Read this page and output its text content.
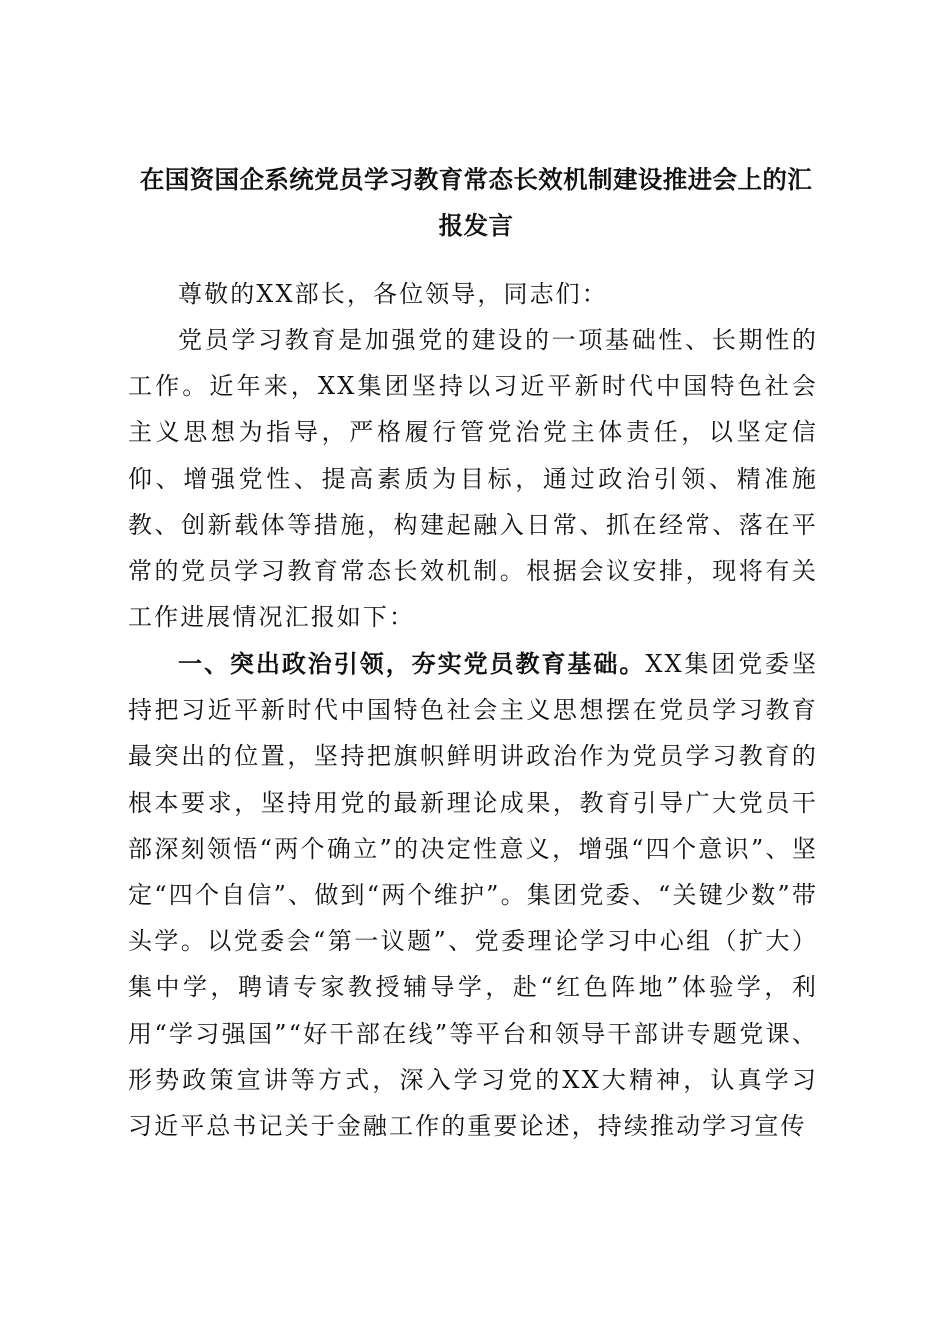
在国资国企系统党员学习教育常态长效机制建设推进会上的汇报发言

尊敬的XX部长，各位领导，同志们：

党员学习教育是加强党的建设的一项基础性、长期性的工作。近年来，XX集团坚持以习近平新时代中国特色社会主义思想为指导，严格履行管党治党主体责任，以坚定信仰、增强党性、提高素质为目标，通过政治引领、精准施教、创新载体等措施，构建起融入日常、抓在经常、落在平常的党员学习教育常态长效机制。根据会议安排，现将有关工作进展情况汇报如下：

一、突出政治引领，夯实党员教育基础。XX集团党委坚持把习近平新时代中国特色社会主义思想摆在党员学习教育最突出的位置，坚持把旗帜鲜明讲政治作为党员学习教育的根本要求，坚持用党的最新理论成果，教育引导广大党员干部深刻领悟“两个确立”的决定性意义，增强“四个意识”、坚定“四个自信”、做到“两个维护”。集团党委、“关键少数”带头学。以党委会“第一议题”、党委理论学习中心组（扩大）集中学，聘请专家教授辅导学，赴“红色阵地”体验学，利用“学习强国”“好干部在线”等平台和领导干部讲专题党课、形势政策宣讲等方式，深入学习党的XX大精神，认真学习习近平总书记关于金融工作的重要论述，持续推动学习宣传
